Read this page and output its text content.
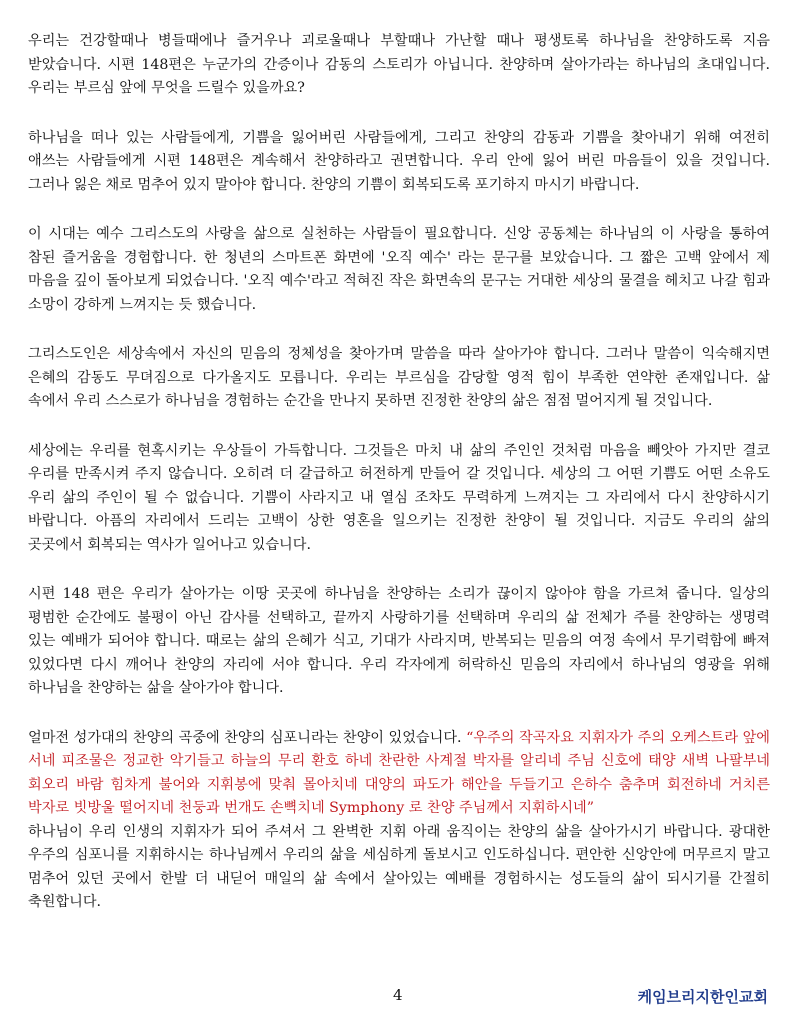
우리는 건강할때나 병들때에나 즐거우나 괴로울때나 부할때나 가난할 때나 평생토록 하나님을 찬양하도록 지음 받았습니다. 시편 148편은 누군가의 간증이나 감동의 스토리가 아닙니다. 찬양하며 살아가라는 하나님의 초대입니다. 우리는 부르심 앞에 무엇을 드릴수 있을까요?

하나님을 떠나 있는 사람들에게, 기쁨을 잃어버린 사람들에게, 그리고 찬양의 감동과 기쁨을 찾아내기 위해 여전히 애쓰는 사람들에게 시편 148편은 계속해서 찬양하라고 권면합니다. 우리 안에 잃어 버린 마음들이 있을 것입니다. 그러나 잃은 채로 멈추어 있지 말아야 합니다. 찬양의 기쁨이 회복되도록 포기하지 마시기 바랍니다.

이 시대는 예수 그리스도의 사랑을 삶으로 실천하는 사람들이 필요합니다. 신앙 공동체는 하나님의 이 사랑을 통하여 참된 즐거움을 경험합니다. 한 청년의 스마트폰 화면에 '오직 예수' 라는 문구를 보았습니다. 그 짧은 고백 앞에서 제 마음을 깊이 돌아보게 되었습니다. '오직 예수'라고 적혀진 작은 화면속의 문구는 거대한 세상의 물결을 헤치고 나갈 힘과 소망이 강하게 느껴지는 듯 했습니다.

그리스도인은 세상속에서 자신의 믿음의 정체성을 찾아가며 말씀을 따라 살아가야 합니다. 그러나 말씀이 익숙해지면 은혜의 감동도 무뎌짐으로 다가올지도 모릅니다. 우리는 부르심을 감당할 영적 힘이 부족한 연약한 존재입니다. 삶 속에서 우리 스스로가 하나님을 경험하는 순간을 만나지 못하면 진정한 찬양의 삶은 점점 멀어지게 될 것입니다.

세상에는 우리를 현혹시키는 우상들이 가득합니다. 그것들은 마치 내 삶의 주인인 것처럼 마음을 빼앗아 가지만 결코 우리를 만족시켜 주지 않습니다. 오히려 더 갈급하고 허전하게 만들어 갈 것입니다. 세상의 그 어떤 기쁨도 어떤 소유도 우리 삶의 주인이 될 수 없습니다. 기쁨이 사라지고 내 열심 조차도 무력하게 느껴지는 그 자리에서 다시 찬양하시기 바랍니다. 아픔의 자리에서 드리는 고백이 상한 영혼을 일으키는 진정한 찬양이 될 것입니다. 지금도 우리의 삶의 곳곳에서 회복되는 역사가 일어나고 있습니다.

시편 148 편은 우리가 살아가는 이땅 곳곳에 하나님을 찬양하는 소리가 끊이지 않아야 함을 가르쳐 줍니다. 일상의 평범한 순간에도 불평이 아닌 감사를 선택하고, 끝까지 사랑하기를 선택하며 우리의 삶 전체가 주를 찬양하는 생명력 있는 예배가 되어야 합니다. 때로는 삶의 은혜가 식고, 기대가 사라지며, 반복되는 믿음의 여정 속에서 무기력함에 빠져 있었다면 다시 깨어나 찬양의 자리에 서야 합니다. 우리 각자에게 허락하신 믿음의 자리에서 하나님의 영광을 위해 하나님을 찬양하는 삶을 살아가야 합니다.

얼마전 성가대의 찬양의 곡중에 찬양의 심포니라는 찬양이 있었습니다. “우주의 작곡자요 지휘자가 주의 오케스트라 앞에 서네 피조물은 정교한 악기들고 하늘의 무리 환호 하네 찬란한 사계절 박자를 알리네 주님 신호에 태양 새벽 나팔부네 회오리 바람 힘차게 불어와 지휘봉에 맞춰 몰아치네 대양의 파도가 해안을 두들기고 은하수 춤추며 회전하네 거치른 박자로 빗방울 떨어지네 천둥과 번개도 손뼉치네 Symphony 로 찬양 주님께서 지휘하시네”

하나님이 우리 인생의 지휘자가 되어 주셔서 그 완벽한 지휘 아래 움직이는 찬양의 삶을 살아가시기 바랍니다. 광대한 우주의 심포니를 지휘하시는 하나님께서 우리의 삶을 세심하게 돌보시고 인도하십니다. 편안한 신앙안에 머무르지 말고 멈추어 있던 곳에서 한발 더 내딛어 매일의 삶 속에서 살아있는 예배를 경험하시는 성도들의 삶이 되시기를 간절히 축원합니다.

4	케임브리지한인교회
